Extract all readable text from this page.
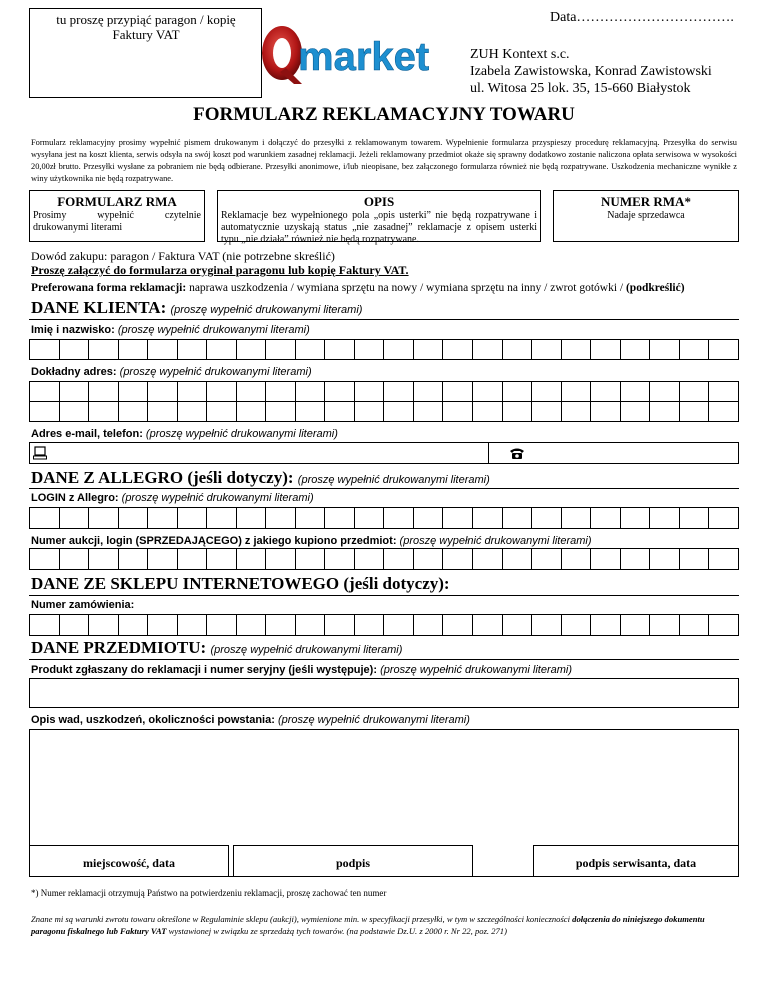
tu proszę przypiąć paragon / kopię Faktury VAT
market
Data…………………………….
ZUH Kontext s.c.
Izabela Zawistowska, Konrad Zawistowski
ul. Witosa 25 lok. 35, 15-660 Białystok
FORMULARZ REKLAMACYJNY TOWARU
Formularz reklamacyjny prosimy wypełnić pismem drukowanym i dołączyć do przesyłki z reklamowanym towarem. Wypełnienie formularza przyspieszy procedurę reklamacyjną. Przesyłka do serwisu wysyłana jest na koszt klienta, serwis odsyła na swój koszt pod warunkiem zasadnej reklamacji. Jeżeli reklamowany przedmiot okaże się sprawny dodatkowo zostanie naliczona opłata serwisowa w wysokości 20,00zł brutto. Przesyłki wysłane za pobraniem nie będą odbierane. Przesyłki anonimowe, i/lub nieopisane, bez załączonego formularza również nie będą rozpatrywane. Uszkodzenia mechaniczne wynikłe z winy użytkownika nie będą rozpatrywane.
FORMULARZ RMA
Prosimy wypełnić czytelnie drukowanymi literami
OPIS
Reklamacje bez wypełnionego pola „opis usterki” nie będą rozpatrywane i automatycznie uzyskają status „nie zasadnej” reklamacje z opisem usterki typu „nie działa” również nie będą rozpatrywane.
NUMER RMA*
Nadaje sprzedawca
Dowód zakupu: paragon / Faktura VAT (nie potrzebne skreślić)
Proszę załączyć do formularza oryginał paragonu lub kopię Faktury VAT.
Preferowana forma reklamacji: naprawa uszkodzenia / wymiana sprzętu na nowy / wymiana sprzętu na inny / zwrot gotówki / (podkreślić)
DANE KLIENTA: (proszę wypełnić drukowanymi literami)
Imię i nazwisko: (proszę wypełnić drukowanymi literami)
Dokładny adres: (proszę wypełnić drukowanymi literami)
Adres e-mail, telefon: (proszę wypełnić drukowanymi literami)
DANE Z ALLEGRO (jeśli dotyczy): (proszę wypełnić drukowanymi literami)
LOGIN z Allegro: (proszę wypełnić drukowanymi literami)
Numer aukcji, login (SPRZEDAJĄCEGO) z jakiego kupiono przedmiot: (proszę wypełnić drukowanymi literami)
DANE ZE SKLEPU INTERNETOWEGO (jeśli dotyczy):
Numer zamówienia:
DANE PRZEDMIOTU: (proszę wypełnić drukowanymi literami)
Produkt zgłaszany do reklamacji i numer seryjny (jeśli występuje): (proszę wypełnić drukowanymi literami)
Opis wad, uszkodzeń, okoliczności powstania: (proszę wypełnić drukowanymi literami)
miejscowość, data	podpis	podpis serwisanta, data
*) Numer reklamacji otrzymują Państwo na potwierdzeniu reklamacji, proszę zachować ten numer
Znane mi są warunki zwrotu towaru określone w Regulaminie sklepu (aukcji), wymienione min. w specyfikacji przesyłki, w tym w szczególności konieczności dołączenia do niniejszego dokumentu paragonu fiskalnego lub Faktury VAT wystawionej w związku ze sprzedażą tych towarów. (na podstawie Dz.U. z 2000 r. Nr 22, poz. 271)
